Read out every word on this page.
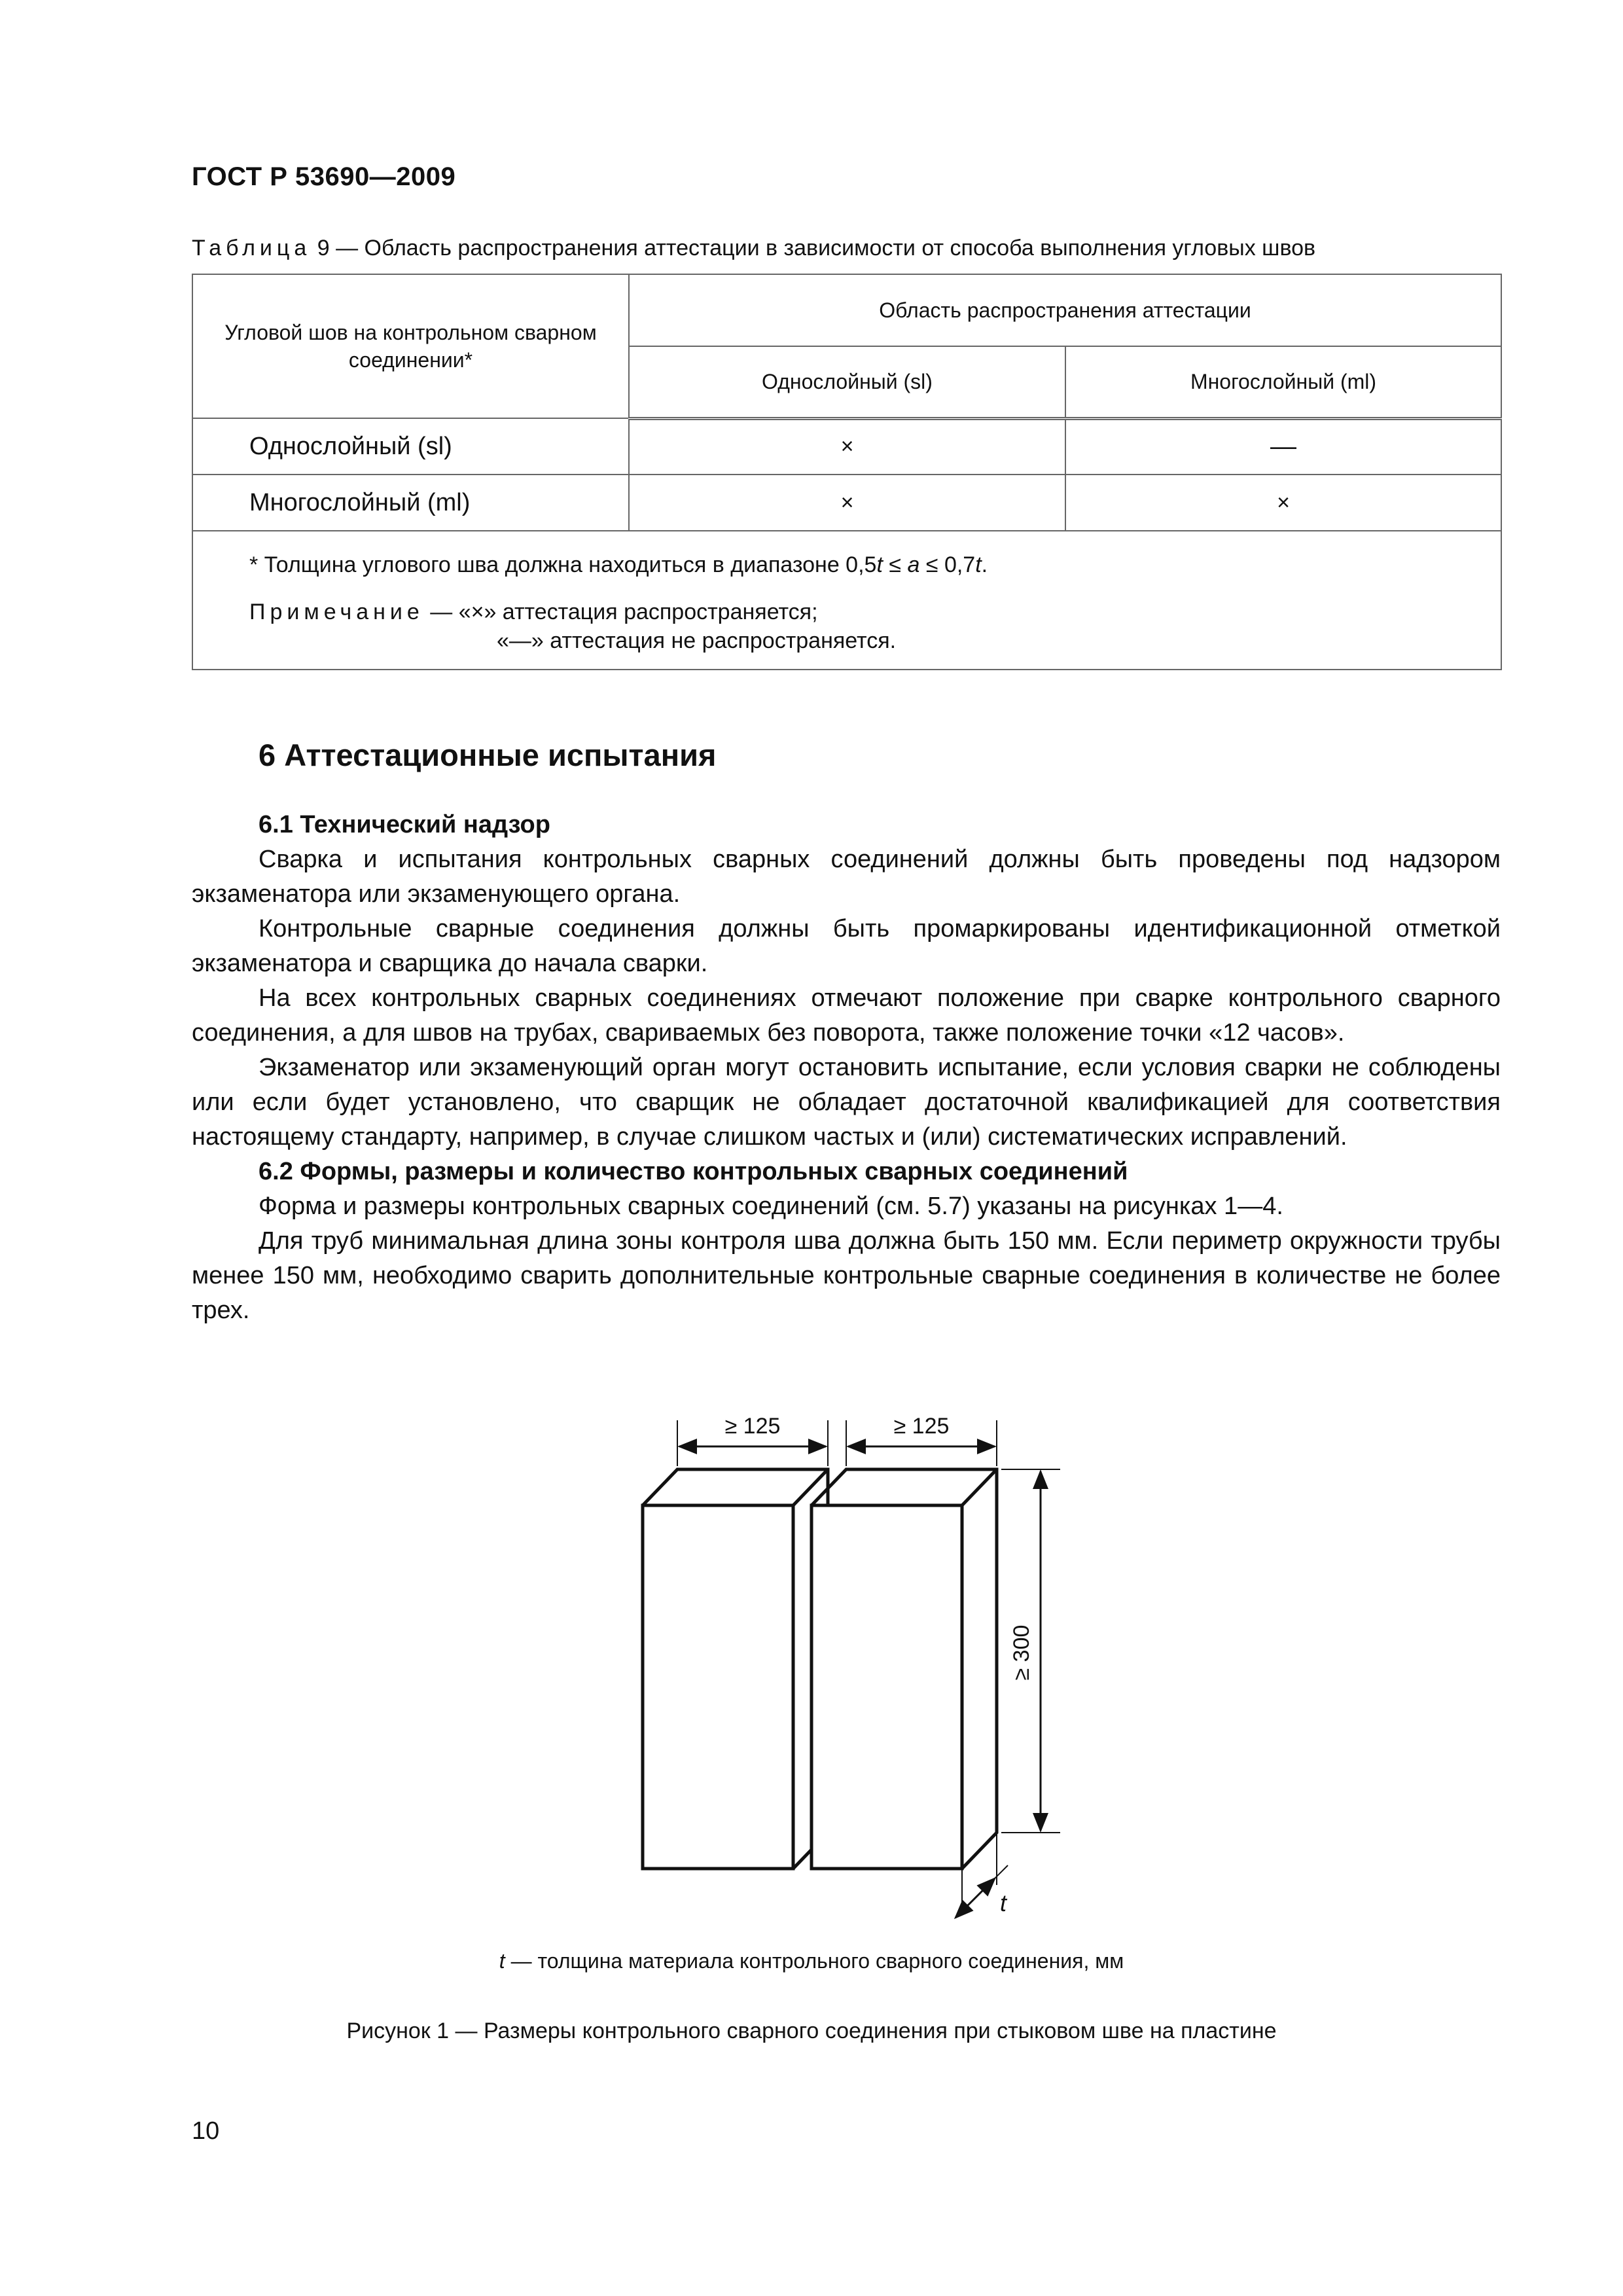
ГОСТ Р 53690—2009
Таблица 9 — Область распространения аттестации в зависимости от способа выполнения угловых швов
Угловой шов на контрольном сварном соединении*	Область распространения аттестации	
	Однослойный (sl)	Многослойный (ml)
Однослойный (sl)	×	—
Многослойный (ml)	×	×

* Толщина углового шва должна находиться в диапазоне 0,5t ≤ a ≤ 0,7t.
Примечание — «×» аттестация распространяется;
«—» аттестация не распространяется.		
6 Аттестационные испытания
6.1 Технический надзор

Сварка и испытания контрольных сварных соединений должны быть проведены под надзором экзаменатора или экзаменующего органа.

Контрольные сварные соединения должны быть промаркированы идентификационной отметкой экзаменатора и сварщика до начала сварки.

На всех контрольных сварных соединениях отмечают положение при сварке контрольного сварного соединения, а для швов на трубах, свариваемых без поворота, также положение точки «12 часов».

Экзаменатор или экзаменующий орган могут остановить испытание, если условия сварки не соблюдены или если будет установлено, что сварщик не обладает достаточной квалификацией для соответствия настоящему стандарту, например, в случае слишком частых и (или) систематических исправлений.

6.2 Формы, размеры и количество контрольных сварных соединений

Форма и размеры контрольных сварных соединений (см. 5.7) указаны на рисунках 1—4.

Для труб минимальная длина зоны контроля шва должна быть 150 мм. Если периметр окружности трубы менее 150 мм, необходимо сварить дополнительные контрольные сварные соединения в количестве не более трех.

≥ 125	≥ 125
≥ 300
t
t — толщина материала контрольного сварного соединения, мм
Рисунок 1 — Размеры контрольного сварного соединения при стыковом шве на пластине
10
